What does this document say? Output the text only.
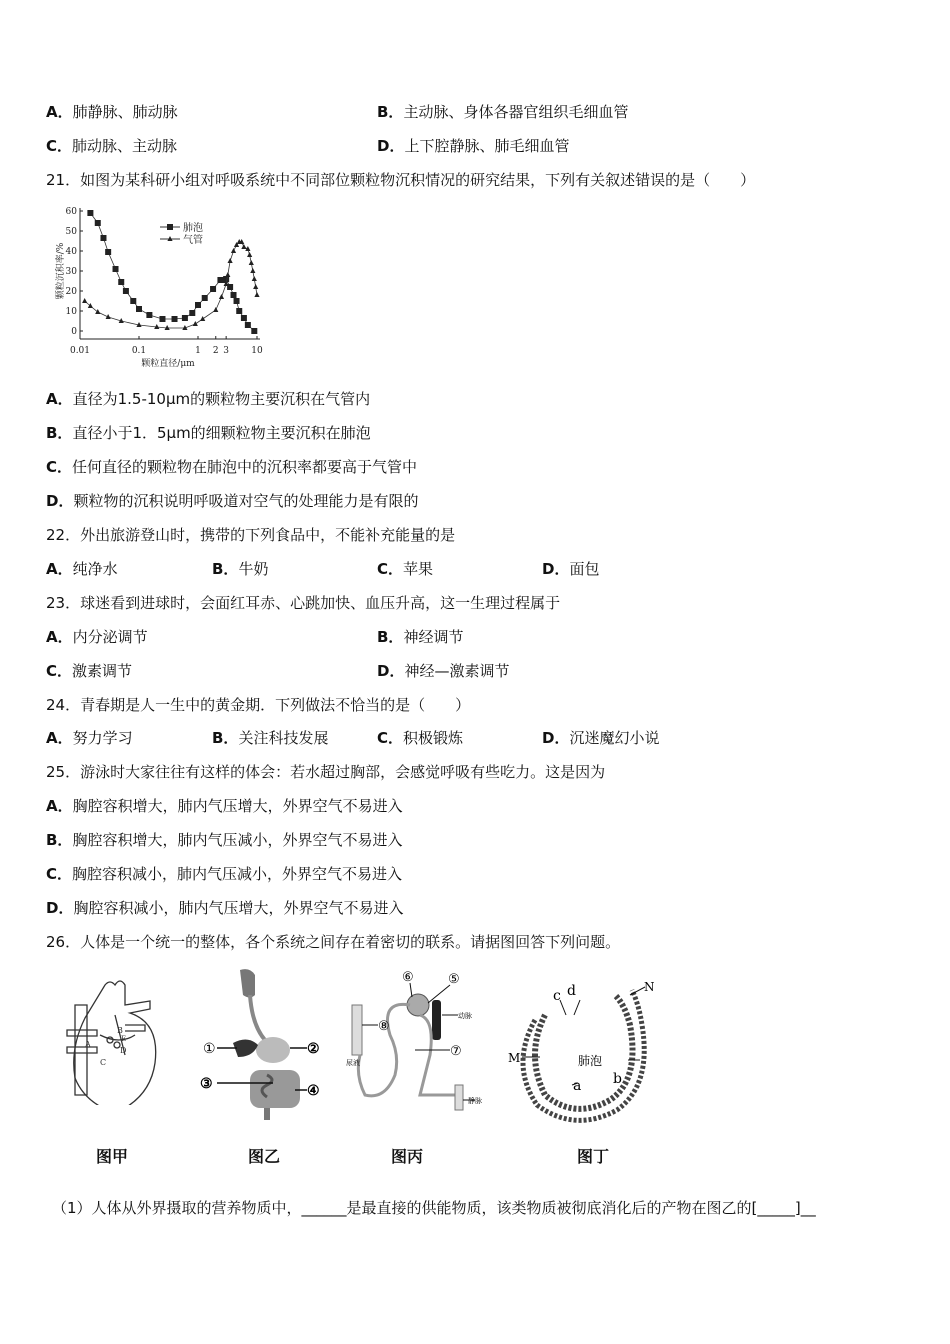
A．肺静脉、肺动脉	B．主动脉、身体各器官组织毛细血管
C．肺动脉、主动脉	D．上下腔静脉、肺毛细血管
21．如图为某科研小组对呼吸系统中不同部位颗粒物沉积情况的研究结果，下列有关叙述错误的是（　　）
0
10
20
30
40
50
60
0.01	0.1	1 2 3 10
颗粒直径/μm
颗粒沉积率/%
肺泡
气管
A．直径为1.5-10μm的颗粒物主要沉积在气管内
B．直径小于1．5μm的细颗粒物主要沉积在肺泡
C．任何直径的颗粒物在肺泡中的沉积率都要高于气管中
D．颗粒物的沉积说明呼吸道对空气的处理能力是有限的
22．外出旅游登山时，携带的下列食品中，不能补充能量的是
A．纯净水	B．牛奶	C．苹果	D．面包
23．球迷看到进球时，会面红耳赤、心跳加快、血压升高，这一生理过程属于
A．内分泌调节	B．神经调节
C．激素调节	D．神经—激素调节
24．青春期是人一生中的黄金期．下列做法不恰当的是（　　）
A．努力学习	B．关注科技发展	C．积极锻炼	D．沉迷魔幻小说
25．游泳时大家往往有这样的体会：若水超过胸部，会感觉呼吸有些吃力。这是因为
A．胸腔容积增大，肺内气压增大，外界空气不易进入
B．胸腔容积增大，肺内气压减小，外界空气不易进入
C．胸腔容积减小，肺内气压减小，外界空气不易进入
D．胸腔容积减小，肺内气压增大，外界空气不易进入
26．人体是一个统一的整体，各个系统之间存在着密切的联系。请据图回答下列问题。
A
B
C
D
E
①	②
③	④
⑥	⑤
⑦
⑧
动脉
静脉
尿液
c d	N
M	肺泡
a b
图甲	图乙	图丙	图丁
（1）人体从外界摄取的营养物质中，______是最直接的供能物质，该类物质被彻底消化后的产物在图乙的[_____]__
